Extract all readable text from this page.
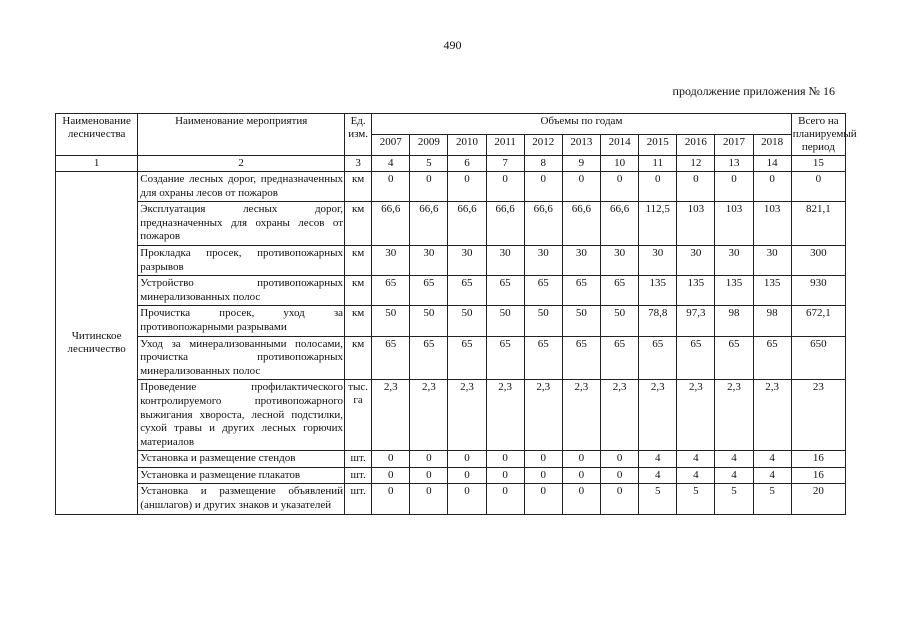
490
продолжение приложения № 16
Наименование лесничества	Наименование мероприятия	Ед. изм.	Объемы по годам											Всего на планируемый период
			2007	2009	2010	2011	2012	2013	2014	2015	2016	2017	2018	
1	2	3	4	5	6	7	8	9	10	11	12	13	14	15
Читинское лесничество	Создание лесных дорог, предназначенных для охраны лесов от пожаров	км	0	0	0	0	0	0	0	0	0	0	0	0
	Эксплуатация лесных дорог, предназначенных для охраны лесов от пожаров	км	66,6	66,6	66,6	66,6	66,6	66,6	66,6	112,5	103	103	103	821,1
	Прокладка просек, противопожарных разрывов	км	30	30	30	30	30	30	30	30	30	30	30	300
	Устройство противопожарных минерализованных полос	км	65	65	65	65	65	65	65	135	135	135	135	930
	Прочистка просек, уход за противопожарными разрывами	км	50	50	50	50	50	50	50	78,8	97,3	98	98	672,1
	Уход за минерализованными полосами, прочистка противопожарных минерализованных полос	км	65	65	65	65	65	65	65	65	65	65	65	650
	Проведение профилактического контролируемого противопожарного выжигания хвороста, лесной подстилки, сухой травы и других лесных горючих материалов	тыс. га	2,3	2,3	2,3	2,3	2,3	2,3	2,3	2,3	2,3	2,3	2,3	23
	Установка и размещение стендов	шт.	0	0	0	0	0	0	0	4	4	4	4	16
	Установка и размещение плакатов	шт.	0	0	0	0	0	0	0	4	4	4	4	16
	Установка и размещение объявлений (аншлагов) и других знаков и указателей	шт.	0	0	0	0	0	0	0	5	5	5	5	20
